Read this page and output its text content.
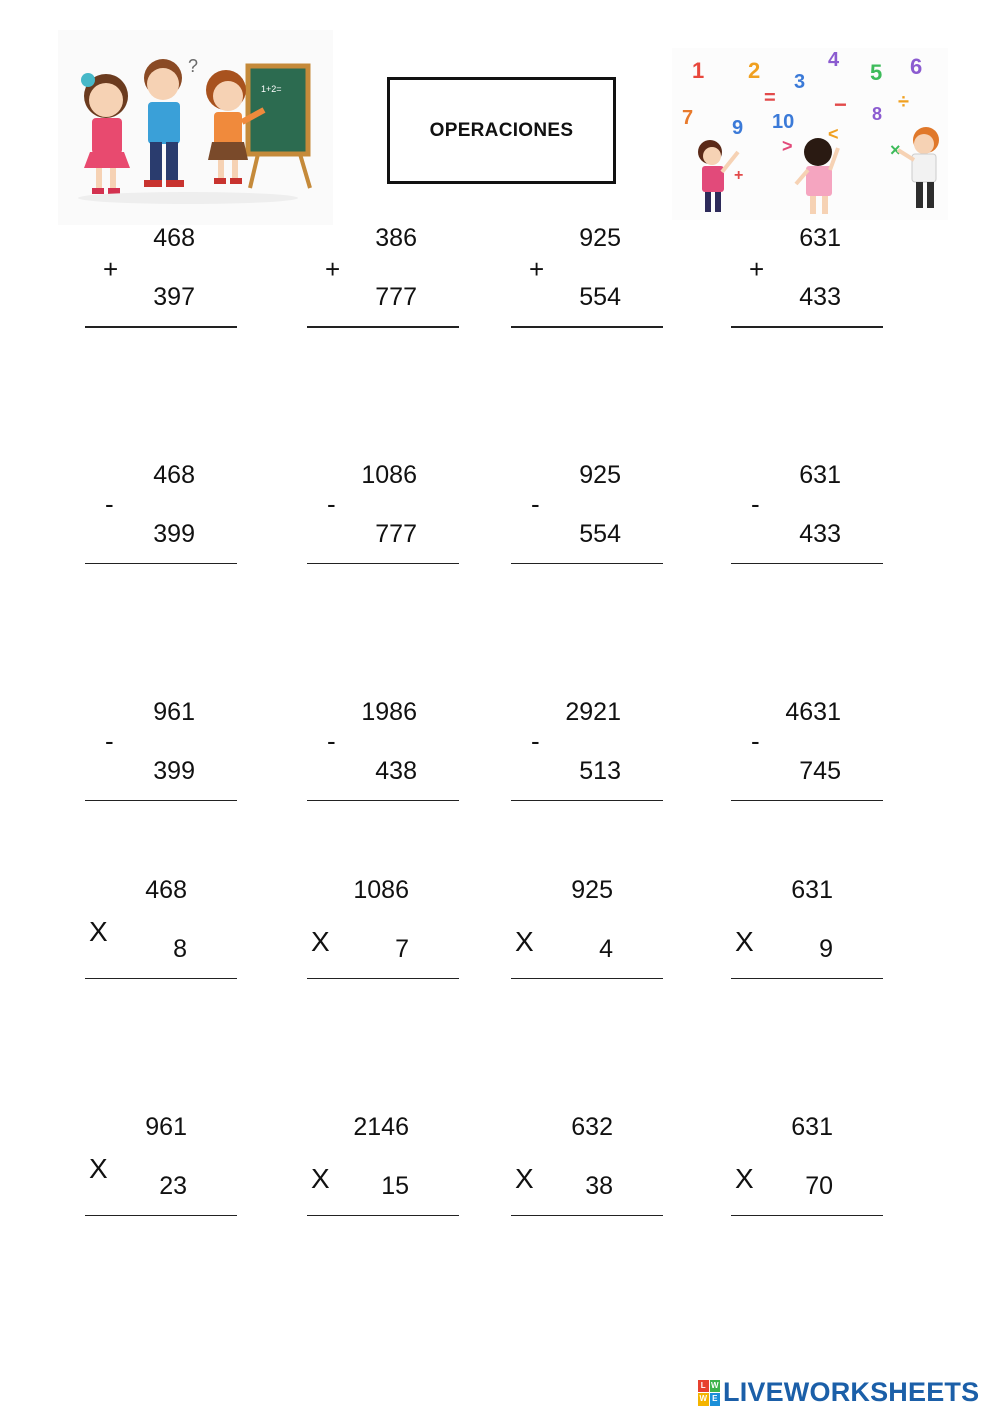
1+2=
?
OPERACIONES
1 2 3
4 5 6
7	8
9 10
>
<
−
×
÷
+
=
468
+
397
386
+
777
925
+
554
631
+
433
468
-
399
1086
-
777
925
-
554
631
-
433
961
-
399
1986
-
438
2921
-
513
4631
-
745
468
X
8
1086
X	7
925
X	4
631
X	9
961
X
23
2146
X 15
632
X 38
631
X 70
L W
W E LIVEWORKSHEETS
